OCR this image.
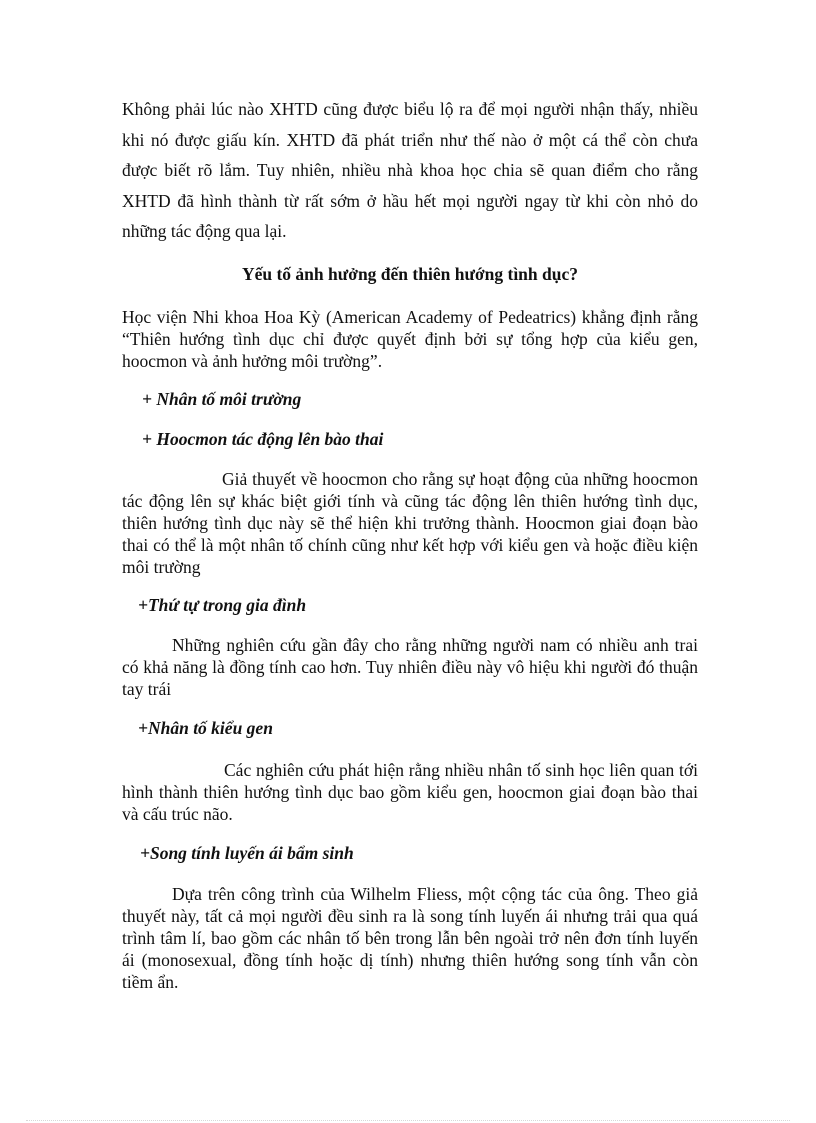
Không phải lúc nào XHTD cũng được biểu lộ ra để mọi người nhận thấy, nhiều khi nó được giấu kín. XHTD đã phát triển như thế nào ở một cá thể còn chưa được biết rõ lắm. Tuy nhiên, nhiều nhà khoa học chia sẽ quan điểm cho rằng XHTD đã hình thành từ rất sớm ở hầu hết mọi người ngay từ khi còn nhỏ do những tác động qua lại.

Yếu tố ảnh hưởng đến thiên hướng tình dục?

Học viện Nhi khoa Hoa Kỳ (American Academy of Pedeatrics) khẳng định rằng “Thiên hướng tình dục chỉ được quyết định bởi sự tổng hợp của kiểu gen, hoocmon và ảnh hưởng môi trường”.

+ Nhân tố môi trường

+ Hoocmon tác động lên bào thai

Giả thuyết về hoocmon cho rằng sự hoạt động của những hoocmon tác động lên sự khác biệt giới tính và cũng tác động lên thiên hướng tình dục, thiên hướng tình dục này sẽ thể hiện khi trưởng thành. Hoocmon giai đoạn bào thai có thể là một nhân tố chính cũng như kết hợp với kiểu gen và hoặc điều kiện môi trường

+Thứ tự trong gia đình

Những nghiên cứu gần đây cho rằng những người nam có nhiều anh trai có khả năng là đồng tính cao hơn. Tuy nhiên điều này vô hiệu khi người đó thuận tay trái

+Nhân tố kiểu gen

Các nghiên cứu phát hiện rằng nhiều nhân tố sinh học liên quan tới hình thành thiên hướng tình dục bao gồm kiểu gen, hoocmon giai đoạn bào thai và cấu trúc não.

+Song tính luyến ái bẩm sinh

Dựa trên công trình của Wilhelm Fliess, một cộng tác của ông. Theo giả thuyết này, tất cả mọi người đều sinh ra là song tính luyến ái nhưng trải qua quá trình tâm lí, bao gồm các nhân tố bên trong lẫn bên ngoài trở nên đơn tính luyến ái (monosexual, đồng tính hoặc dị tính) nhưng thiên hướng song tính vẫn còn tiềm ẩn.
